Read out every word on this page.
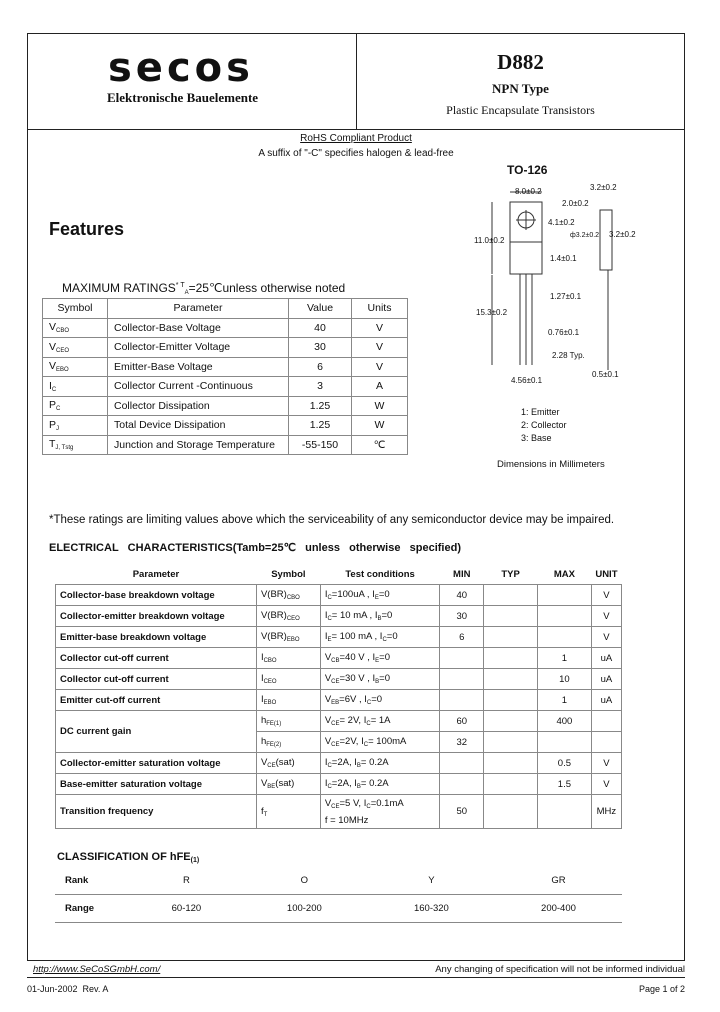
secos
Elektronische Bauelemente
D882
NPN Type
Plastic Encapsulate Transistors
RoHS Compliant Product
A suffix of "-C" specifies halogen & lead-free
TO-126
8.0±0.2	3.2±0.2
2.0±0.2
4.1±0.2
ф3.2±0.2 3.2±0.2
11.0±0.2
1.4±0.1
1.27±0.1
15.3±0.2
0.76±0.1
2.28 Typ.
4.56±0.1
0.5±0.1
1: Emitter
2: Collector
3: Base
Dimensions in Millimeters
Features
MAXIMUM $RATINGS^{* T}_A=25℃unless$ otherwise noted
Symbol	Parameter	Value	Units
$V_{CBO}$	Collector-Base Voltage	40	V
$V_{CEO}$	Collector-Emitter Voltage	30	V
$V_{EBO}$	Emitter-Base Voltage	6	V
$I_C$	Collector Current -Continuous	3	A
$P_C$	Collector Dissipation	1.25	W
$P_J$	Total Device Dissipation	1.25	W
$T_{J, Tstg}$	Junction and Storage Temperature	-55-150	℃
*These ratings are limiting values above which the serviceability of any semiconductor device may be impaired.
ELECTRICAL   CHARACTERISTICS(Tamb=25℃   unless   otherwise   specified)
Parameter	Symbol	Test conditions	MIN	TYP	MAX	UNIT
Collector-base breakdown voltage	$V(BR)_{CBO}$	$I_C=100uA$ , $I_E=0$	40			V
Collector-emitter breakdown voltage	$V(BR)_{CEO}$	$I_C= 10$ mA , $I_B=0$	30			V
Emitter-base breakdown voltage	$V(BR)_{EBO}$	$I_E= 100$ mA , $I_C=0$	6			V
Collector cut-off current	$I_{CBO}$	$V_{CB}=40$ V , $I_E=0$			1	uA
Collector cut-off current	$I_{CEO}$	$V_{CE}=30$ V , $I_B=0$			10	uA
Emitter cut-off current	$I_{EBO}$	$V_{EB}=6V$ , $I_C=0$			1	uA
DC current gain	$h_{FE(1)}$	$V_{CE}= 2V$, $I_C= 1A$	60		400	
	$h_{FE(2)}$	$V_{CE}=2V$, $I_C= 100mA$	32			
Collector-emitter saturation voltage	$V_{CE}(sat)$	$I_C=2A$, $I_B= 0.2A$			0.5	V
Base-emitter saturation voltage	$V_{BE}(sat)$	$I_C=2A$, $I_B= 0.2A$			1.5	V
Transition frequency	$f_T$	$V_{CE}=5$ V, $I_C=0.1mA$
f = 10MHz	50			MHz
CLASSIFICATION OF hFE$_{(1)}$
Rank	R	O	Y	GR
Range	60-120	100-200	160-320	200-400
http://www.SeCoSGmbH.com/	Any changing of specification will not be informed individual
01-Jun-2002  Rev. A	Page 1 of 2
